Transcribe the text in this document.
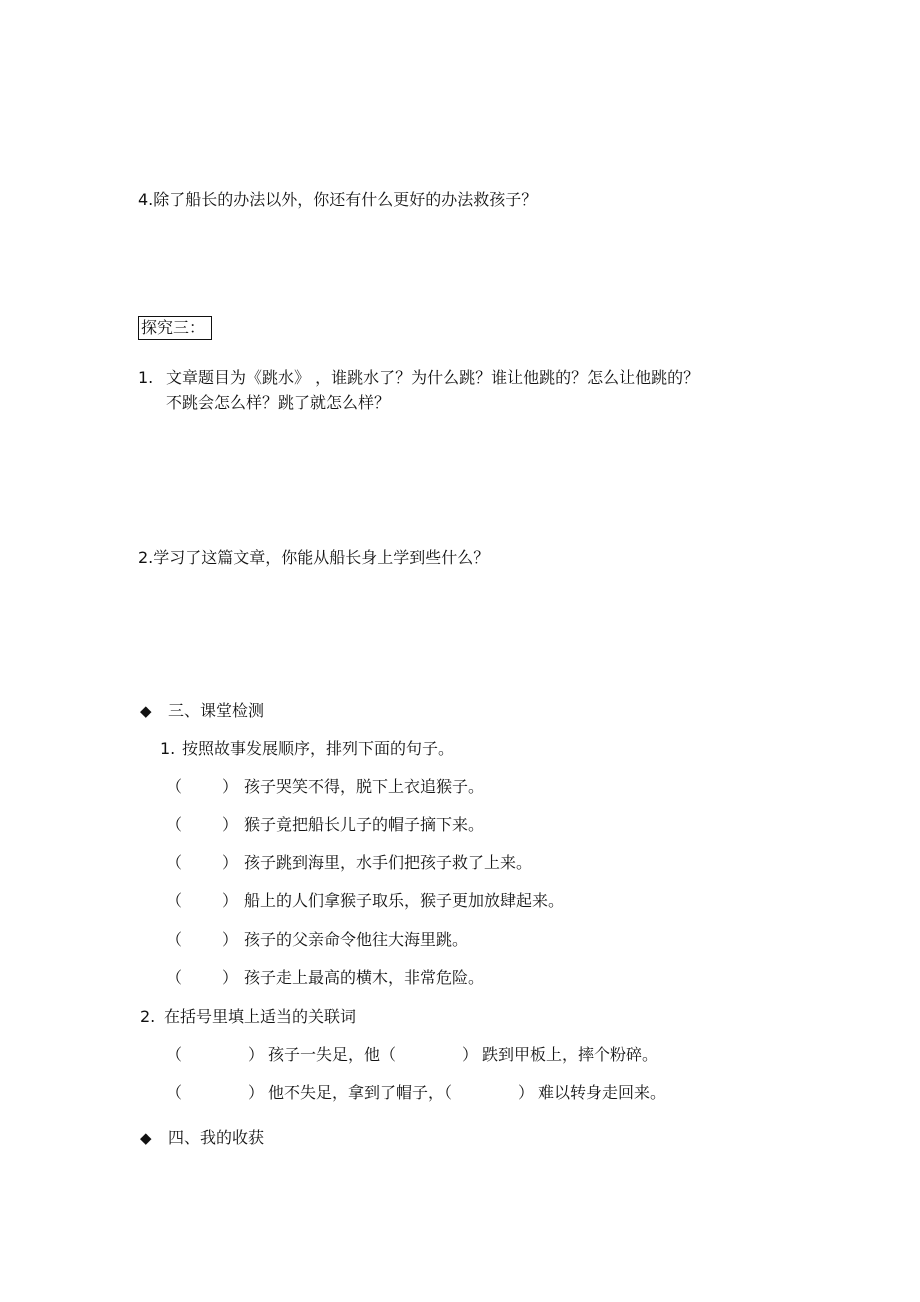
4.除了船长的办法以外，你还有什么更好的办法救孩子？
探究三：
1. 文章题目为《跳水》 ，谁跳水了？为什么跳？谁让他跳的？怎么让他跳的？
不跳会怎么样？跳了就怎么样？
2.学习了这篇文章，你能从船长身上学到些什么？
◆ 三、课堂检测
1. 按照故事发展顺序，排列下面的句子。
（ ） 孩子哭笑不得，脱下上衣追猴子。
（ ） 猴子竟把船长儿子的帽子摘下来。
（ ） 孩子跳到海里，水手们把孩子救了上来。
（ ） 船上的人们拿猴子取乐，猴子更加放肆起来。
（ ） 孩子的父亲命令他往大海里跳。
（ ） 孩子走上最高的横木，非常危险。
2. 在括号里填上适当的关联词
（	） 孩子一失足，他（	） 跌到甲板上，摔个粉碎。
（	） 他不失足，拿到了帽子，（	） 难以转身走回来。
◆ 四、我的收获
